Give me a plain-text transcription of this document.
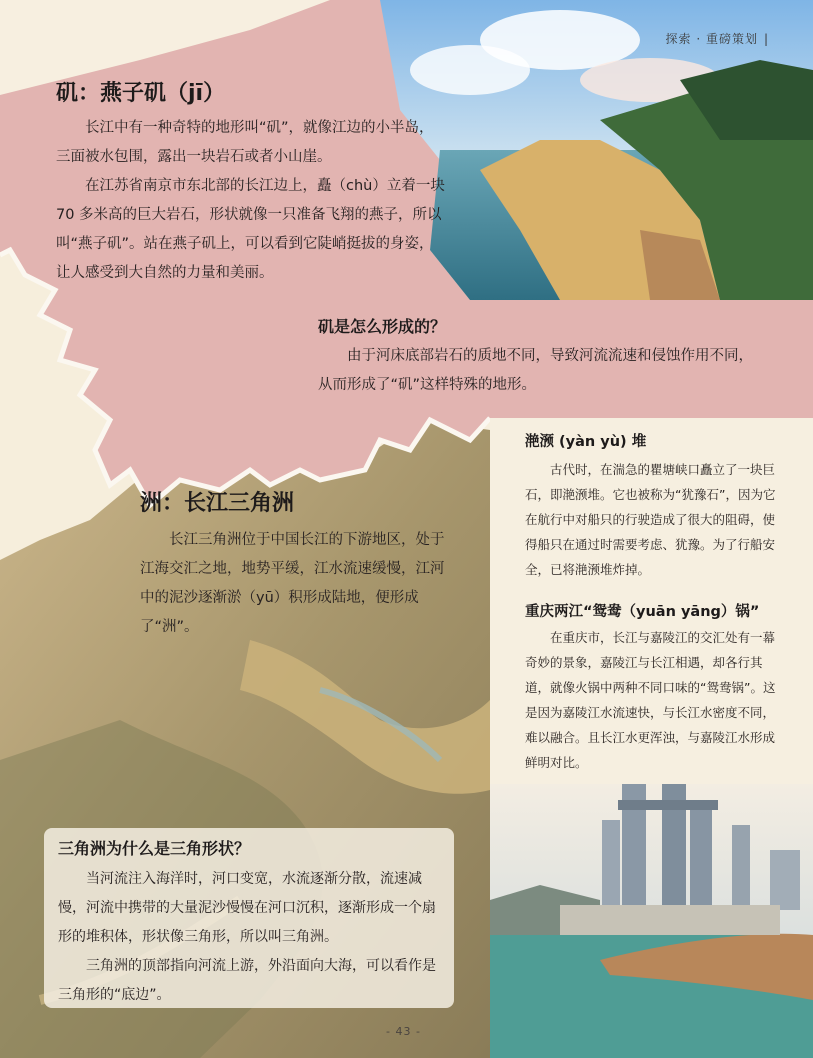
探索 · 重磅策划 |
矶：燕子矶（jī）

长江中有一种奇特的地形叫“矶”，就像江边的小半岛，三面被水包围，露出一块岩石或者小山崖。

在江苏省南京市东北部的长江边上，矗（chù）立着一块 70 多米高的巨大岩石，形状就像一只准备飞翔的燕子，所以叫“燕子矶”。站在燕子矶上，可以看到它陡峭挺拔的身姿，让人感受到大自然的力量和美丽。

矶是怎么形成的？

由于河床底部岩石的质地不同，导致河流流速和侵蚀作用不同，从而形成了“矶”这样特殊的地形。

滟滪 (yàn yù) 堆

古代时，在湍急的瞿塘峡口矗立了一块巨石，即滟滪堆。它也被称为“犹豫石”，因为它在航行中对船只的行驶造成了很大的阻碍，使得船只在通过时需要考虑、犹豫。为了行船安全，已将滟滪堆炸掉。

重庆两江“鸳鸯（yuān yāng）锅”

在重庆市，长江与嘉陵江的交汇处有一幕奇妙的景象，嘉陵江与长江相遇，却各行其道，就像火锅中两种不同口味的“鸳鸯锅”。这是因为嘉陵江水流速快，与长江水密度不同，难以融合。且长江水更浑浊，与嘉陵江水形成鲜明对比。

洲：长江三角洲

长江三角洲位于中国长江的下游地区，处于江海交汇之地，地势平缓，江水流速缓慢，江河中的泥沙逐渐淤（yū）积形成陆地，便形成了“洲”。

三角洲为什么是三角形状？

当河流注入海洋时，河口变宽，水流逐渐分散，流速减慢，河流中携带的大量泥沙慢慢在河口沉积，逐渐形成一个扇形的堆积体，形状像三角形，所以叫三角洲。

三角洲的顶部指向河流上游，外沿面向大海，可以看作是三角形的“底边”。

- 43 -
